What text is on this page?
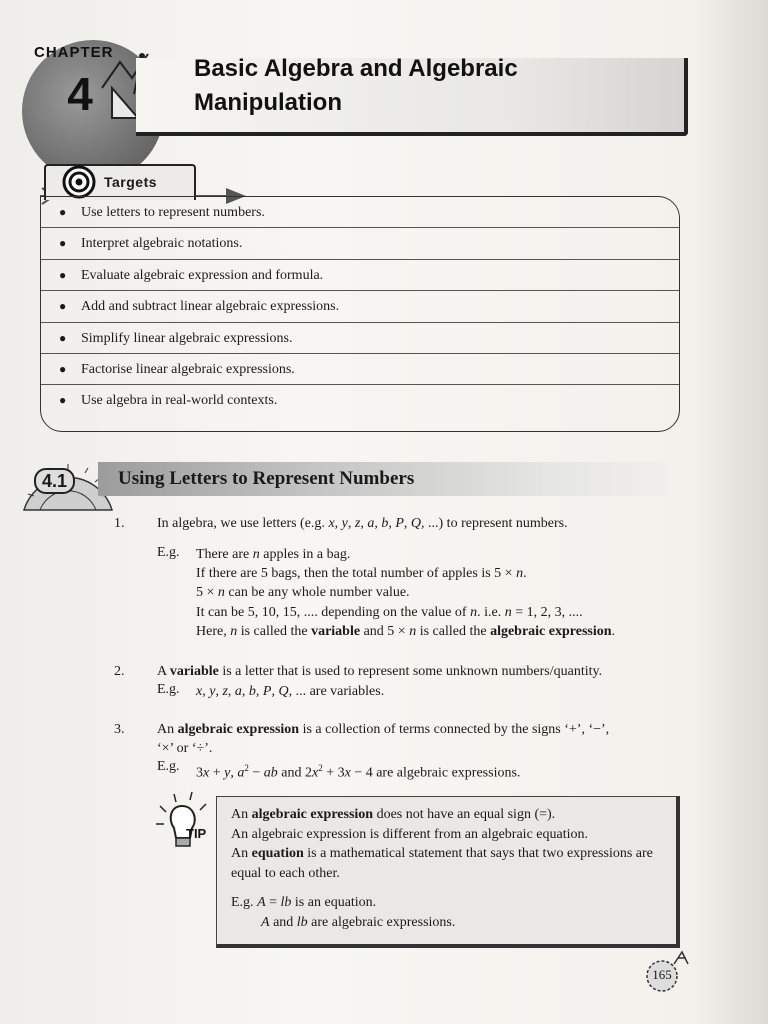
CHAPTER
4	Basic Algebra and Algebraic
Manipulation
Targets
● Use letters to represent numbers.
● Interpret algebraic notations.
● Evaluate algebraic expression and formula.
● Add and subtract linear algebraic expressions.
● Simplify linear algebraic expressions.
● Factorise linear algebraic expressions.
● Use algebra in real-world contexts.
4.1	Using Letters to Represent Numbers
1. In algebra, we use letters (e.g. x, y, z, a, b, P, Q, ...) to represent numbers.
E.g. There are n apples in a bag.
If there are 5 bags, then the total number of apples is 5 × n.
5 × n can be any whole number value.
It can be 5, 10, 15, .... depending on the value of n. i.e. n = 1, 2, 3, ....
Here, n is called the variable and 5 × n is called the algebraic expression.
2. A variable is a letter that is used to represent some unknown numbers/quantity.
E.g. x, y, z, a, b, P, Q, ... are variables.
3. An algebraic expression is a collection of terms connected by the signs ‘+’, ‘−’,
‘×’ or ‘÷’.
E.g. 3x + y, $a^2$ − ab and $2x^2 + 3x - 4$ are algebraic expressions.
TIP

An algebraic expression does not have an equal sign (=).

An algebraic expression is different from an algebraic equation.

An equation is a mathematical statement that says that two expressions are equal to each other.

E.g. A = lb is an equation.

A and lb are algebraic expressions.

165
